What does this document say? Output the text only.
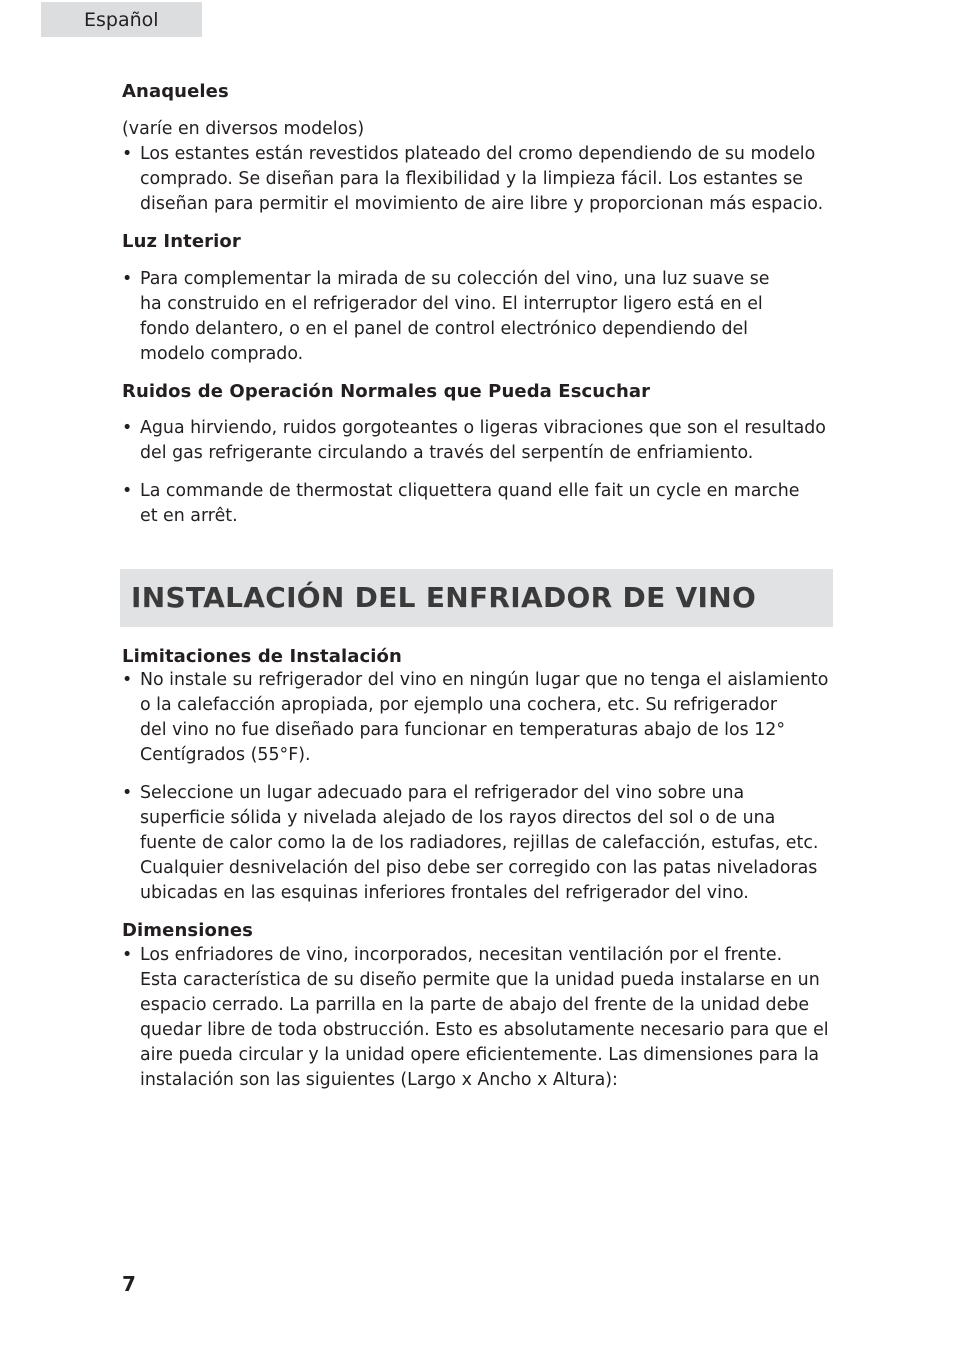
Español
Anaqueles
(varíe en diversos modelos)
• Los estantes están revestidos plateado del cromo dependiendo de su modelo
comprado. Se diseñan para la flexibilidad y la limpieza fácil. Los estantes se
diseñan para permitir el movimiento de aire libre y proporcionan más espacio.
Luz Interior
• Para complementar la mirada de su colección del vino, una luz suave se
ha construido en el refrigerador del vino. El interruptor ligero está en el
fondo delantero, o en el panel de control electrónico dependiendo del
modelo comprado.
Ruidos de Operación Normales que Pueda Escuchar
• Agua hirviendo, ruidos gorgoteantes o ligeras vibraciones que son el resultado
del gas refrigerante circulando a través del serpentín de enfriamiento.
• La commande de thermostat cliquettera quand elle fait un cycle en marche
et en arrêt.
INSTALACIÓN DEL ENFRIADOR DE VINO
Limitaciones de Instalación
• No instale su refrigerador del vino en ningún lugar que no tenga el aislamiento
o la calefacción apropiada, por ejemplo una cochera, etc. Su refrigerador
del vino no fue diseñado para funcionar en temperaturas abajo de los 12°
Centígrados (55°F).
• Seleccione un lugar adecuado para el refrigerador del vino sobre una
superficie sólida y nivelada alejado de los rayos directos del sol o de una
fuente de calor como la de los radiadores, rejillas de calefacción, estufas, etc.
Cualquier desnivelación del piso debe ser corregido con las patas niveladoras
ubicadas en las esquinas inferiores frontales del refrigerador del vino.
Dimensiones
• Los enfriadores de vino, incorporados, necesitan ventilación por el frente.
Esta característica de su diseño permite que la unidad pueda instalarse en un
espacio cerrado. La parrilla en la parte de abajo del frente de la unidad debe
quedar libre de toda obstrucción. Esto es absolutamente necesario para que el
aire pueda circular y la unidad opere eficientemente. Las dimensiones para la
instalación son las siguientes (Largo x Ancho x Altura):
7
